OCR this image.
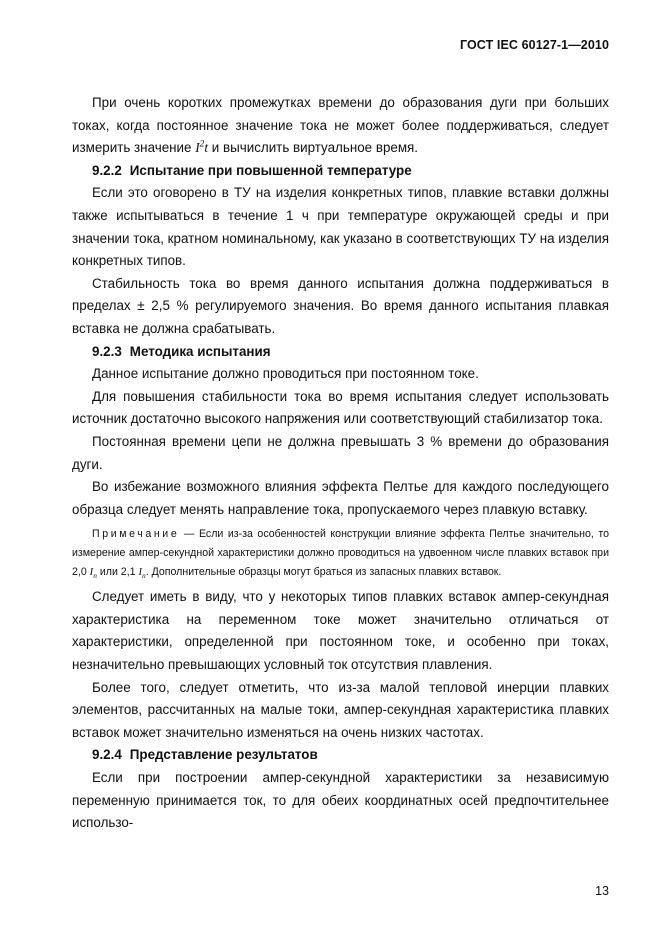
ГОСТ IEC 60127-1—2010

При очень коротких промежутках времени до образования дуги при больших токах, когда постоянное значение тока не может более поддерживаться, следует измерить значение $I^2t$ и вычислить виртуальное время.

9.2.2 Испытание при повышенной температуре

Если это оговорено в ТУ на изделия конкретных типов, плавкие вставки должны также испытываться в течение 1 ч при температуре окружающей среды и при значении тока, кратном номинальному, как указано в соответствующих ТУ на изделия конкретных типов.

Стабильность тока во время данного испытания должна поддерживаться в пределах ± 2,5 % регулируемого значения. Во время данного испытания плавкая вставка не должна срабатывать.

9.2.3 Методика испытания

Данное испытание должно проводиться при постоянном токе.

Для повышения стабильности тока во время испытания следует использовать источник достаточно высокого напряжения или соответствующий стабилизатор тока.

Постоянная времени цепи не должна превышать 3 % времени до образования дуги.

Во избежание возможного влияния эффекта Пелтье для каждого последующего образца следует менять направление тока, пропускаемого через плавкую вставку.

Примечание — Если из-за особенностей конструкции влияние эффекта Пелтье значительно, то измерение ампер-секундной характеристики должно проводиться на удвоенном числе плавких вставок при 2,0 $I_n$ или 2,1 $I_n$. Дополнительные образцы могут браться из запасных плавких вставок.

Следует иметь в виду, что у некоторых типов плавких вставок ампер-секундная характеристика на переменном токе может значительно отличаться от характеристики, определенной при постоянном токе, и особенно при токах, незначительно превышающих условный ток отсутствия плавления.

Более того, следует отметить, что из-за малой тепловой инерции плавких элементов, рассчитанных на малые токи, ампер-секундная характеристика плавких вставок может значительно изменяться на очень низких частотах.

9.2.4 Представление результатов

Если при построении ампер-секундной характеристики за независимую переменную принимается ток, то для обеих координатных осей предпочтительнее использо-

13
